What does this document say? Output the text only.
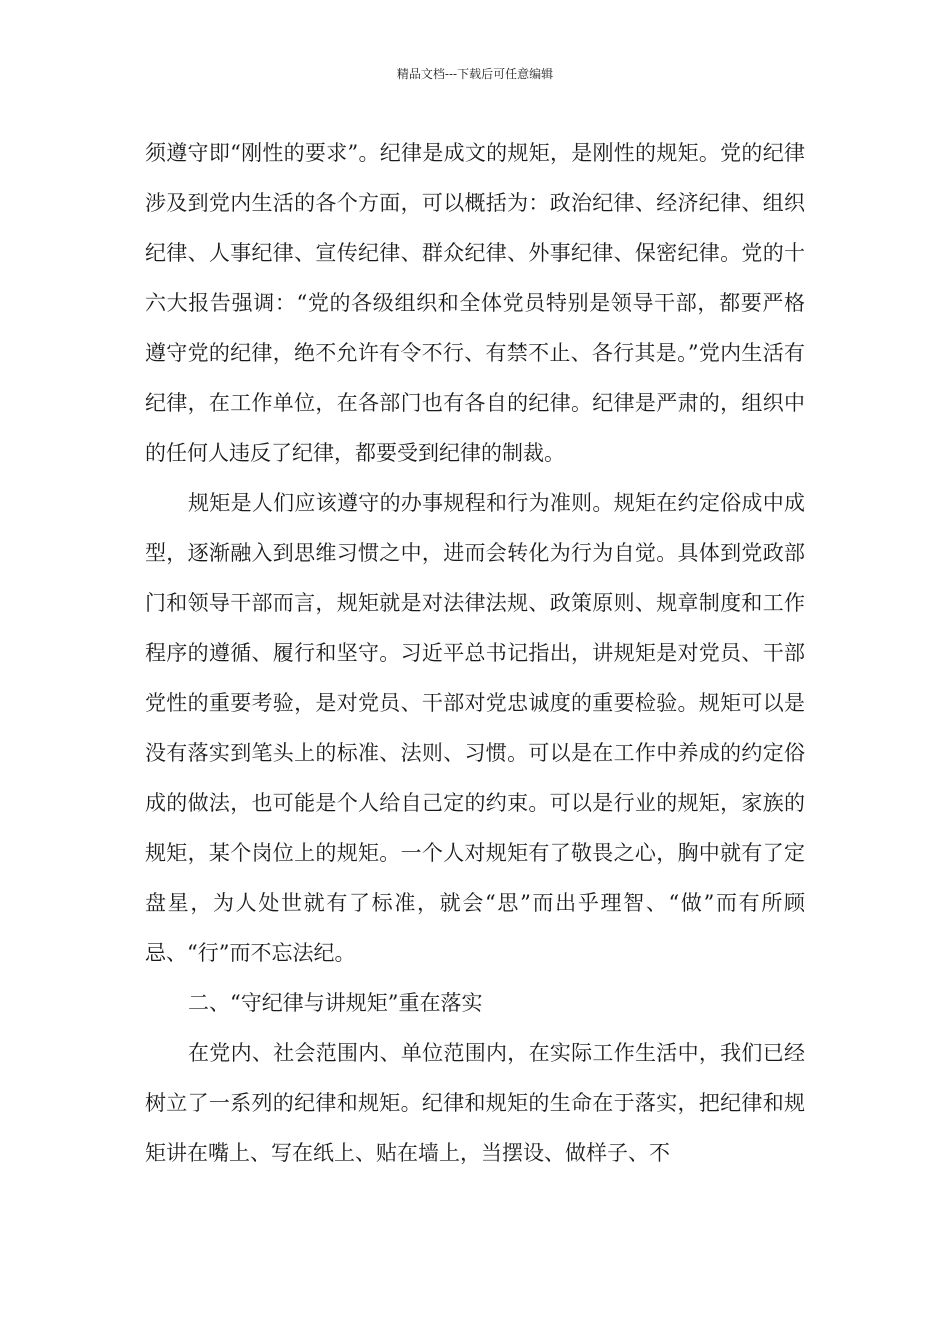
精品文档---下载后可任意编辑

须遵守即“刚性的要求”。纪律是成文的规矩，是刚性的规矩。党的纪律涉及到党内生活的各个方面，可以概括为：政治纪律、经济纪律、组织纪律、人事纪律、宣传纪律、群众纪律、外事纪律、保密纪律。党的十六大报告强调：“党的各级组织和全体党员特别是领导干部，都要严格遵守党的纪律，绝不允许有令不行、有禁不止、各行其是。”党内生活有纪律，在工作单位，在各部门也有各自的纪律。纪律是严肃的，组织中的任何人违反了纪律，都要受到纪律的制裁。

规矩是人们应该遵守的办事规程和行为准则。规矩在约定俗成中成型，逐渐融入到思维习惯之中，进而会转化为行为自觉。具体到党政部门和领导干部而言，规矩就是对法律法规、政策原则、规章制度和工作程序的遵循、履行和坚守。习近平总书记指出，讲规矩是对党员、干部党性的重要考验，是对党员、干部对党忠诚度的重要检验。规矩可以是没有落实到笔头上的标准、法则、习惯。可以是在工作中养成的约定俗成的做法，也可能是个人给自己定的约束。可以是行业的规矩，家族的规矩，某个岗位上的规矩。一个人对规矩有了敬畏之心，胸中就有了定盘星，为人处世就有了标准，就会“思”而出乎理智、“做”而有所顾忌、“行”而不忘法纪。

二、“守纪律与讲规矩”重在落实

在党内、社会范围内、单位范围内，在实际工作生活中，我们已经树立了一系列的纪律和规矩。纪律和规矩的生命在于落实，把纪律和规矩讲在嘴上、写在纸上、贴在墙上，当摆设、做样子、不
